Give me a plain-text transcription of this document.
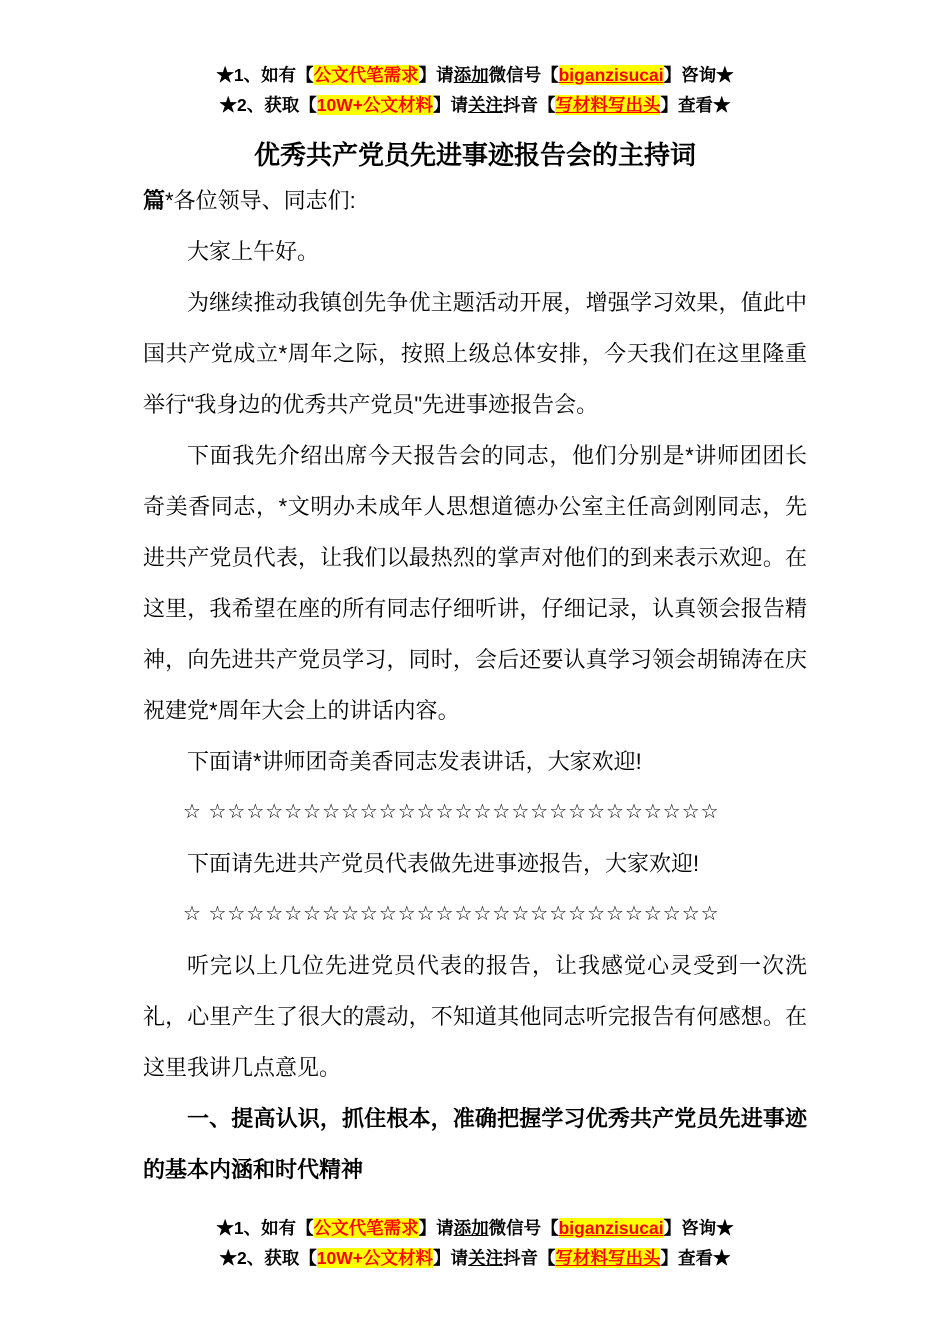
★1、如有【公文代笔需求】请添加微信号【biganzisucai】咨询★
★2、获取【10W+公文材料】请关注抖音【写材料写出头】查看★
优秀共产党员先进事迹报告会的主持词

篇*各位领导、同志们:

大家上午好。

为继续推动我镇创先争优主题活动开展，增强学习效果，值此中国共产党成立*周年之际，按照上级总体安排，今天我们在这里隆重举行“我身边的优秀共产党员"先进事迹报告会。

下面我先介绍出席今天报告会的同志，他们分别是*讲师团团长奇美香同志，*文明办未成年人思想道德办公室主任高剑刚同志，先进共产党员代表，让我们以最热烈的掌声对他们的到来表示欢迎。在这里，我希望在座的所有同志仔细听讲，仔细记录，认真领会报告精神，向先进共产党员学习，同时，会后还要认真学习领会胡锦涛在庆祝建党*周年大会上的讲话内容。

下面请*讲师团奇美香同志发表讲话，大家欢迎!

☆ ☆☆☆☆☆☆☆☆☆☆☆☆☆☆☆☆☆☆☆☆☆☆☆☆☆☆☆

下面请先进共产党员代表做先进事迹报告，大家欢迎!

☆ ☆☆☆☆☆☆☆☆☆☆☆☆☆☆☆☆☆☆☆☆☆☆☆☆☆☆☆

听完以上几位先进党员代表的报告，让我感觉心灵受到一次洗礼，心里产生了很大的震动，不知道其他同志听完报告有何感想。在这里我讲几点意见。

一、提高认识，抓住根本，准确把握学习优秀共产党员先进事迹的基本内涵和时代精神

★1、如有【公文代笔需求】请添加微信号【biganzisucai】咨询★
★2、获取【10W+公文材料】请关注抖音【写材料写出头】查看★
